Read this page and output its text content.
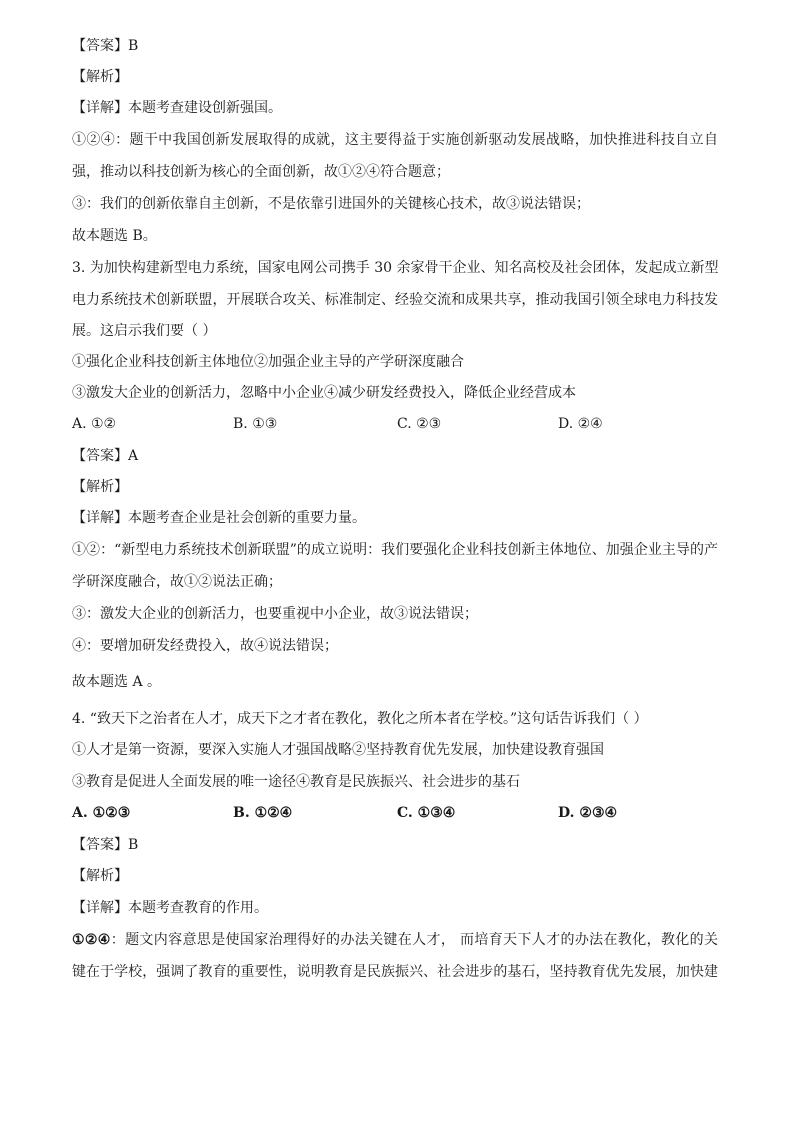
【答案】B
【解析】
【详解】本题考查建设创新强国。
①②④：题干中我国创新发展取得的成就，这主要得益于实施创新驱动发展战略，加快推进科技自立自
强，推动以科技创新为核心的全面创新，故①②④符合题意；
③：我们的创新依靠自主创新，不是依靠引进国外的关键核心技术，故③说法错误；
故本题选 B。
3. 为加快构建新型电力系统，国家电网公司携手 30 余家骨干企业、知名高校及社会团体，发起成立新型
电力系统技术创新联盟，开展联合攻关、标准制定、经验交流和成果共享，推动我国引领全球电力科技发
展。这启示我们要（ ）
①强化企业科技创新主体地位②加强企业主导的产学研深度融合
③激发大企业的创新活力，忽略中小企业④减少研发经费投入，降低企业经营成本
A. ①②	B. ①③	C. ②③	D. ②④
【答案】A
【解析】
【详解】本题考查企业是社会创新的重要力量。
①②：“新型电力系统技术创新联盟”的成立说明：我们要强化企业科技创新主体地位、加强企业主导的产
学研深度融合，故①②说法正确；
③：激发大企业的创新活力，也要重视中小企业，故③说法错误；
④：要增加研发经费投入，故④说法错误；
故本题选 A 。
4. “致天下之治者在人才，成天下之才者在教化，教化之所本者在学校。”这句话告诉我们（ ）
①人才是第一资源，要深入实施人才强国战略②坚持教育优先发展，加快建设教育强国
③教育是促进人全面发展的唯一途径④教育是民族振兴、社会进步的基石
A. ①②③	B. ①②④	C. ①③④	D. ②③④
【答案】B
【解析】
【详解】本题考查教育的作用。
①②④：题文内容意思是使国家治理得好的办法关键在人才， 而培育天下人才的办法在教化，教化的关
键在于学校，强调了教育的重要性，说明教育是民族振兴、社会进步的基石，坚持教育优先发展，加快建
